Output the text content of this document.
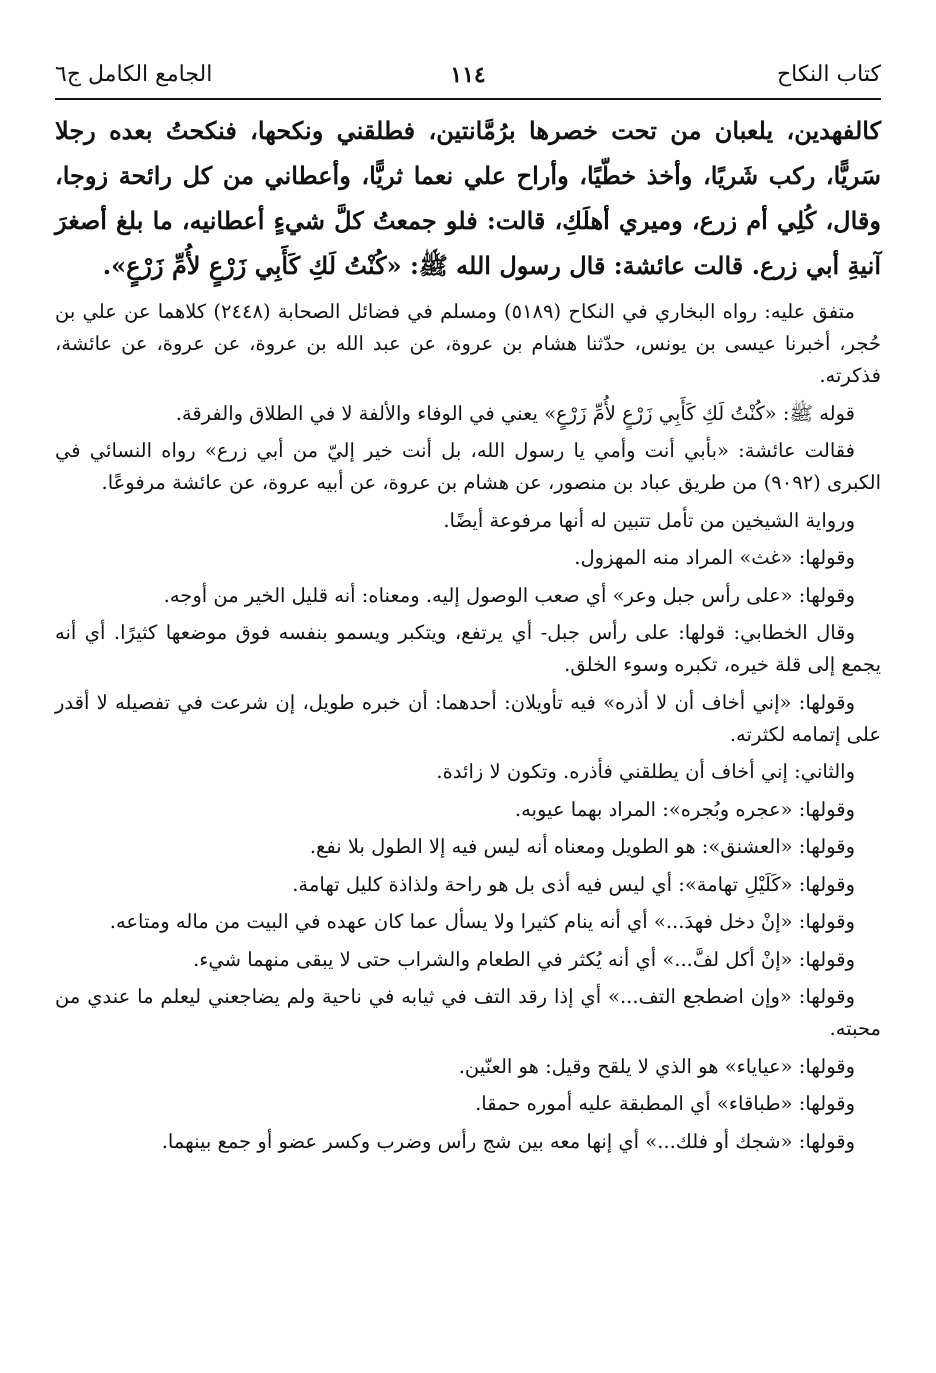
كتاب النكاح
١١٤
الجامع الكامل ج٦

كالفهدين، يلعبان من تحت خصرها برُمَّانتين، فطلقني ونكحها، فنكحتُ بعده رجلا سَريًّا، ركب شَريًا، وأخذ خطّيًا، وأراح علي نعما ثريًّا، وأعطاني من كل رائحة زوجا، وقال، كُلِي أم زرع، وميري أهلَكِ، قالت: فلو جمعتُ كلَّ شيءٍ أعطانيه، ما بلغ أصغرَ آنيةِ أبي زرع. قالت عائشة: قال رسول الله ﷺ: «كُنْتُ لَكِ كَأَبِي زَرْعٍ لأُمِّ زَرْعٍ».

متفق عليه: رواه البخاري في النكاح (٥١٨٩) ومسلم في فضائل الصحابة (٢٤٤٨) كلاهما عن علي بن حُجر، أخبرنا عيسى بن يونس، حدّثنا هشام بن عروة، عن عبد الله بن عروة، عن عروة، عن عائشة، فذكرته.

قوله ﷺ: «كُنْتُ لَكِ كَأَبِي زَرْعٍ لأُمِّ زَرْعٍ» يعني في الوفاء والألفة لا في الطلاق والفرقة.

فقالت عائشة: «بأبي أنت وأمي يا رسول الله، بل أنت خير إليّ من أبي زرع» رواه النسائي في الكبرى (٩٠٩٢) من طريق عباد بن منصور، عن هشام بن عروة، عن أبيه عروة، عن عائشة مرفوعًا.

ورواية الشيخين من تأمل تتبين له أنها مرفوعة أيضًا.

وقولها: «غث» المراد منه المهزول.

وقولها: «على رأس جبل وعر» أي صعب الوصول إليه. ومعناه: أنه قليل الخير من أوجه.

وقال الخطابي: قولها: على رأس جبل- أي يرتفع، ويتكبر ويسمو بنفسه فوق موضعها كثيرًا. أي أنه يجمع إلى قلة خيره، تكبره وسوء الخلق.

وقولها: «إني أخاف أن لا أذره» فيه تأويلان: أحدهما: أن خبره طويل، إن شرعت في تفصيله لا أقدر على إتمامه لكثرته.

والثاني: إني أخاف أن يطلقني فأذره. وتكون لا زائدة.

وقولها: «عجره وبُجره»: المراد بهما عيوبه.

وقولها: «العشنق»: هو الطويل ومعناه أنه ليس فيه إلا الطول بلا نفع.

وقولها: «كَلَيْلِ تهامة»: أي ليس فيه أذى بل هو راحة ولذاذة كليل تهامة.

وقولها: «إنْ دخل فهدَ...» أي أنه ينام كثيرا ولا يسأل عما كان عهده في البيت من ماله ومتاعه.

وقولها: «إنْ أكل لفَّ...» أي أنه يُكثر في الطعام والشراب حتى لا يبقى منهما شيء.

وقولها: «وإن اضطجع التف...» أي إذا رقد التف في ثيابه في ناحية ولم يضاجعني ليعلم ما عندي من محبته.

وقولها: «عياياء» هو الذي لا يلقح وقيل: هو العنّين.

وقولها: «طباقاء» أي المطبقة عليه أموره حمقا.

وقولها: «شجك أو فلك...» أي إنها معه بين شج رأس وضرب وكسر عضو أو جمع بينهما.
